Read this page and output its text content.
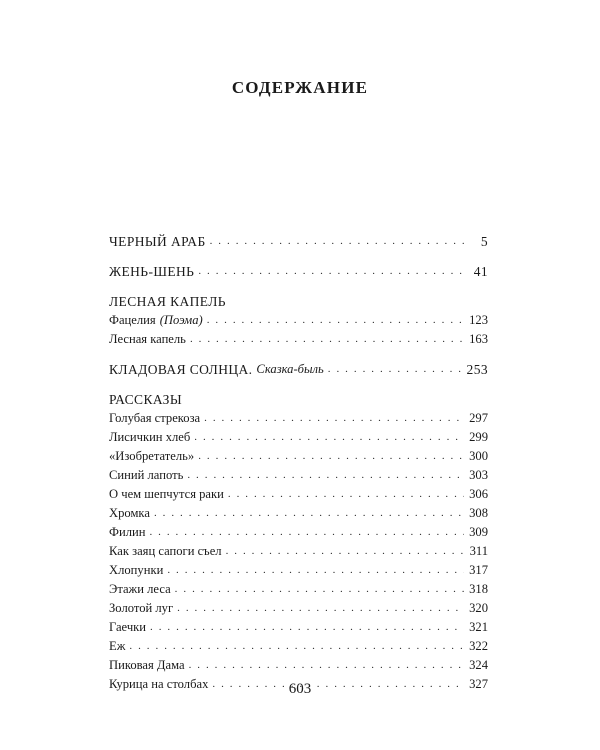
СОДЕРЖАНИЕ
ЧЕРНЫЙ АРАБ . . .	5
ЖЕНЬ-ШЕНЬ . . .	41
ЛЕСНАЯ КАПЕЛЬ
Фацелия (Поэма) . . .	123
Лесная капель . . .	163
КЛАДОВАЯ СОЛНЦА. Сказка-быль . . .	253
РАССКАЗЫ
Голубая стрекоза . . .	297
Лисичкин хлеб . . .	299
«Изобретатель» . . .	300
Синий лапоть . . .	303
О чем шепчутся раки . . .	306
Хромка . . .	308
Филин . . .	309
Как заяц сапоги съел . . .	311
Хлопунки . . .	317
Этажи леса . . .	318
Золотой луг . . .	320
Гаечки . . .	321
Еж . . .	322
Пиковая Дама . . .	324
Курица на столбах . . .	327
603
